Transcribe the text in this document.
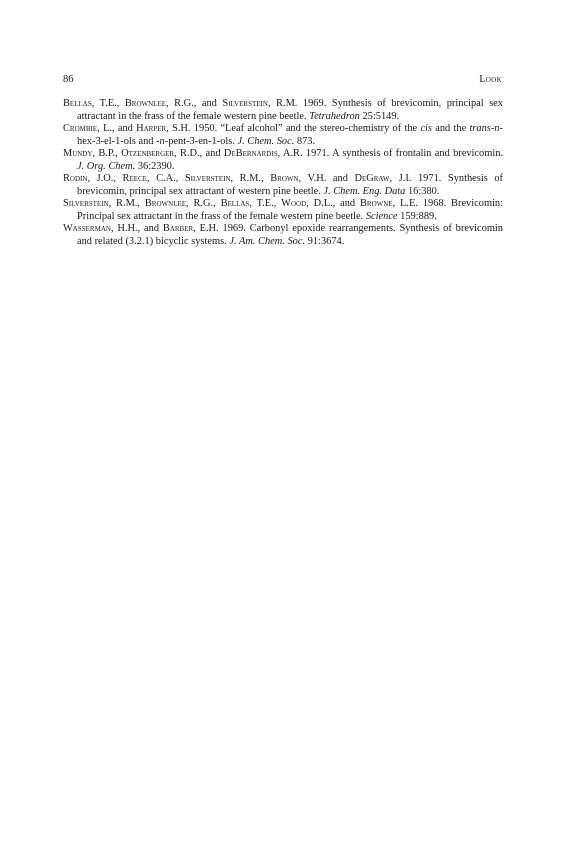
86	Look

Bellas, T.E., Brownlee, R.G., and Silverstein, R.M. 1969. Synthesis of brevicomin, principal sex attractant in the frass of the female western pine beetle. Tetrahedron 25:5149.

Crombie, L., and Harper, S.H. 1950. “Leaf alcohol” and the stereo-chemistry of the cis and the trans-n-hex-3-el-1-ols and -n-pent-3-en-1-ols. J. Chem. Soc. 873.

Mundy, B.P., Otzenberger, R.D., and DeBernardis, A.R. 1971. A synthesis of frontalin and brevicomin. J. Org. Chem. 36:2390.

Rodin, J.O., Reece, C.A., Silverstein, R.M., Brown, V.H. and DeGraw, J.I. 1971. Synthesis of brevicomin, principal sex attractant of western pine beetle. J. Chem. Eng. Data 16:380.

Silverstein, R.M., Brownlee, R.G., Bellas, T.E., Wood, D.L., and Browne, L.E. 1968. Brevicomin: Principal sex attractant in the frass of the female western pine beetle. Science 159:889.

Wasserman, H.H., and Barber, E.H. 1969. Carbonyl epoxide rearrangements. Synthesis of brevicomin and related (3.2.1) bicyclic systems. J. Am. Chem. Soc. 91:3674.
